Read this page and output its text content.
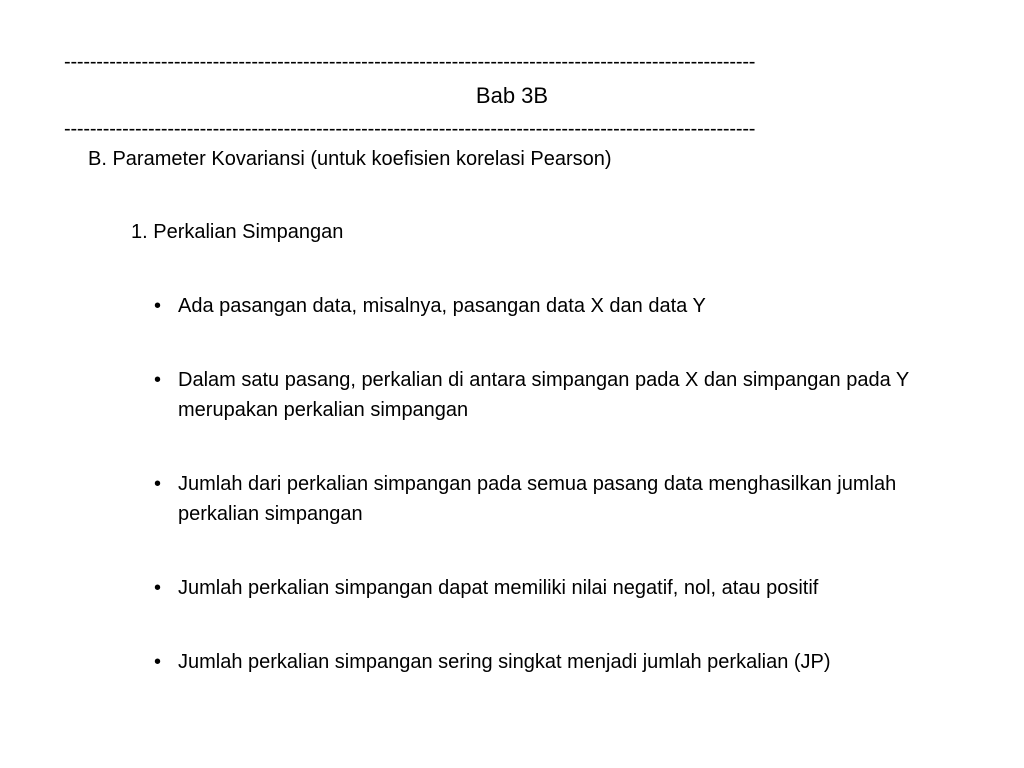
-----------------------------------------------------------------------------------------------------------
Bab 3B
-----------------------------------------------------------------------------------------------------------
B. Parameter Kovariansi (untuk koefisien korelasi Pearson)
1. Perkalian Simpangan
• Ada pasangan data, misalnya, pasangan data X dan data Y
• Dalam satu pasang, perkalian di antara simpangan pada X dan simpangan pada Y merupakan perkalian simpangan
• Jumlah dari perkalian simpangan pada semua pasang data menghasilkan jumlah perkalian simpangan
• Jumlah perkalian simpangan dapat memiliki nilai negatif, nol, atau positif
• Jumlah perkalian simpangan sering singkat menjadi jumlah perkalian (JP)
